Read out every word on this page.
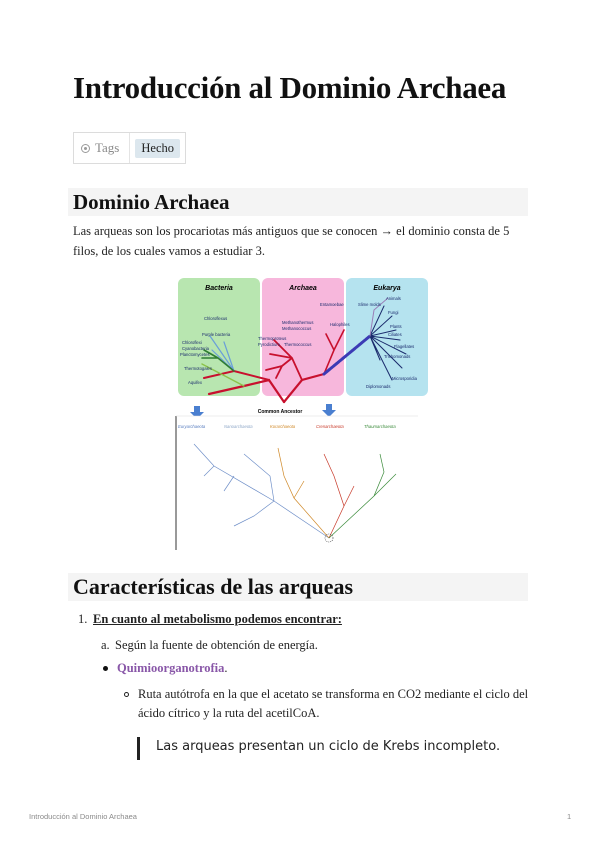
Introducción al Dominio Archaea
Tags	Hecho
Dominio Archaea

Las arqueas son los procariotas más antiguos que se conocen → el dominio consta de 5 filos, de los cuales vamos a estudiar 3.

Bacteria	Archaea	Eukarya
Chloroflexus
Purple bacteria
Chloroflexi
Cyanobacteria
Planctomycetes
Thermotogales
Aquifex
Methanothermus
Methanococcus
Thermoproteus
Pyrodictium Thermococcus
Halophiles
Entamoebae	Slime molds
Animals
Fungi
Plants
Ciliates
Flagellates
Trichomonads
Microsporidia
Diplomonads
Common Ancestor
Euryarchaeota	Nanoarchaeota	Korarchaeota	Crenarchaeota	Thaumarchaeota
Características de las arqueas

1. En cuanto al metabolismo podemos encontrar:

a. Según la fuente de obtención de energía.

Quimioorganotrofia.

Ruta autótrofa en la que el acetato se transforma en CO2 mediante el ciclo del

ácido cítrico y la ruta del acetilCoA.

Las arqueas presentan un ciclo de Krebs incompleto.

Introducción al Dominio Archaea	1
